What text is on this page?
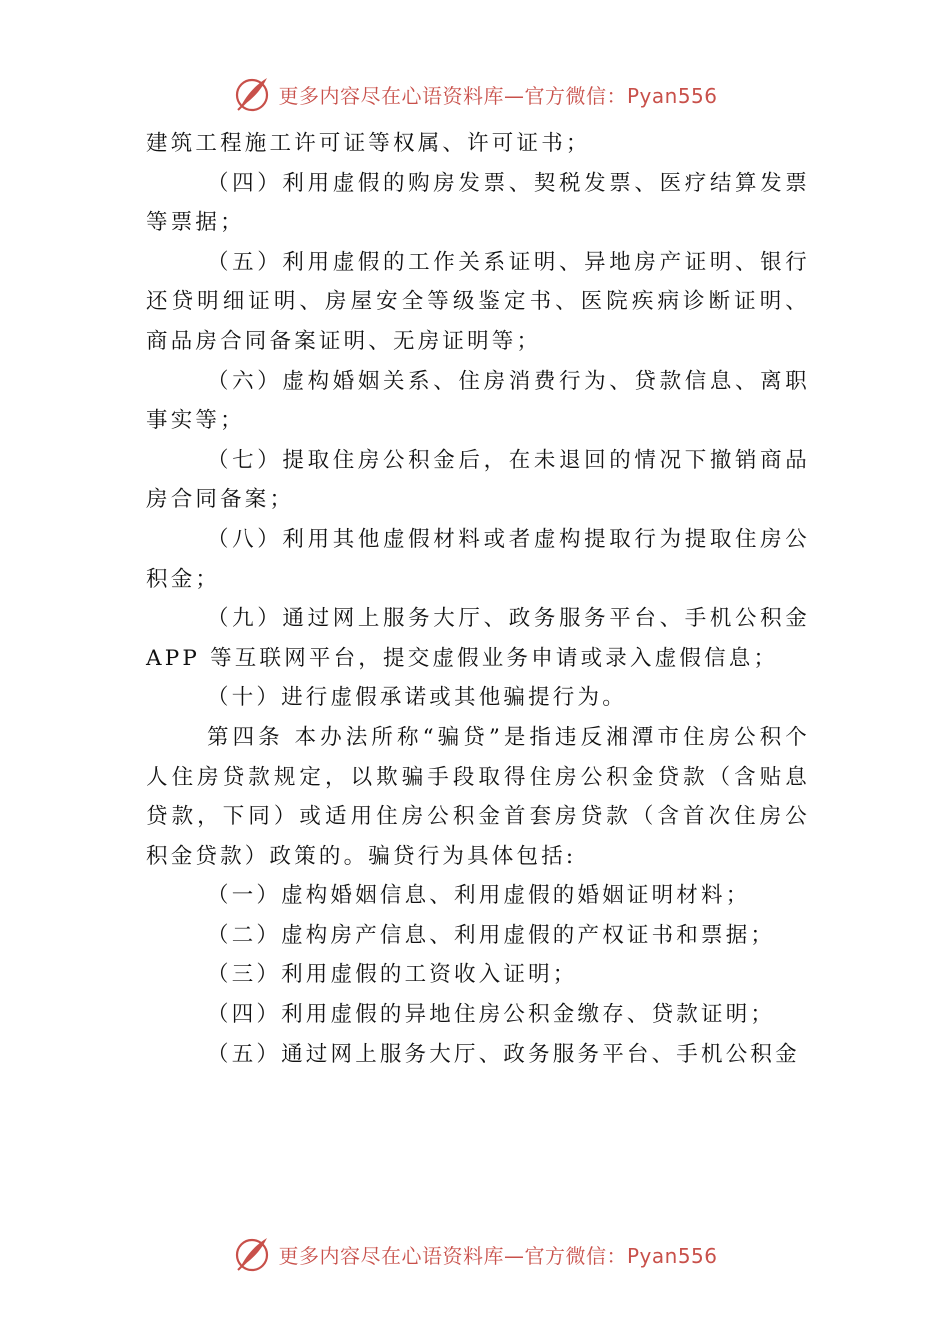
更多内容尽在心语资料库—官方微信：Pyan556

建筑工程施工许可证等权属、许可证书；

（四）利用虚假的购房发票、契税发票、医疗结算发票等票据；

（五）利用虚假的工作关系证明、异地房产证明、银行还贷明细证明、房屋安全等级鉴定书、医院疾病诊断证明、 商品房合同备案证明、无房证明等；

（六）虚构婚姻关系、住房消费行为、贷款信息、离职事实等；

（七）提取住房公积金后，在未退回的情况下撤销商品房合同备案；

（八）利用其他虚假材料或者虚构提取行为提取住房公积金；

（九）通过网上服务大厅、政务服务平台、手机公积金APP 等互联网平台，提交虚假业务申请或录入虚假信息；

（十）进行虚假承诺或其他骗提行为。

第四条 本办法所称“骗贷”是指违反湘潭市住房公积个人住房贷款规定，以欺骗手段取得住房公积金贷款（含贴息贷款，下同）或适用住房公积金首套房贷款（含首次住房公积金贷款）政策的。骗贷行为具体包括:

（一）虚构婚姻信息、利用虚假的婚姻证明材料；

（二）虚构房产信息、利用虚假的产权证书和票据；

（三）利用虚假的工资收入证明；

（四）利用虚假的异地住房公积金缴存、贷款证明；

（五）通过网上服务大厅、政务服务平台、手机公积金

更多内容尽在心语资料库—官方微信：Pyan556
